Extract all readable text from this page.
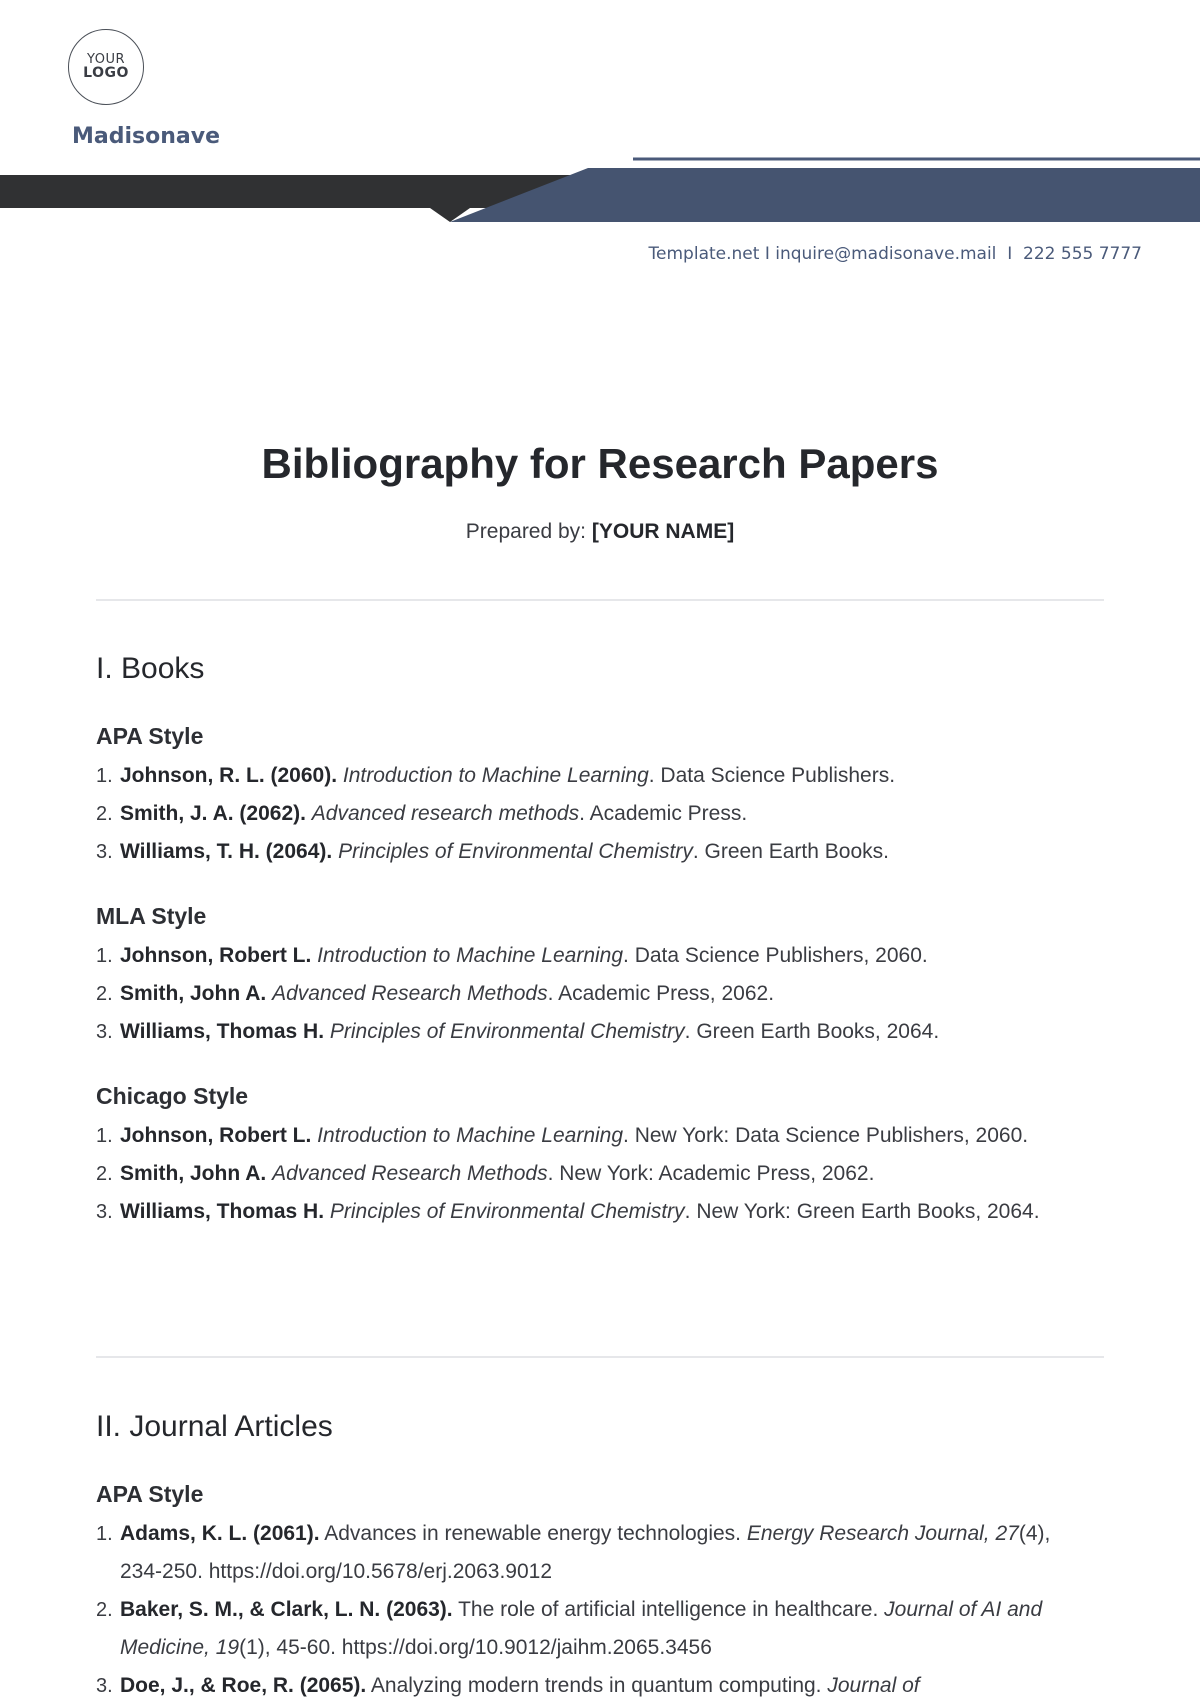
YOUR
LOGO
Madisonave
Template.net I inquire@madisonave.mail  I  222 555 7777
Bibliography for Research Papers
Prepared by: [YOUR NAME]
I. Books
APA Style
1. Johnson, R. L. (2060). Introduction to Machine Learning. Data Science Publishers.
2. Smith, J. A. (2062). Advanced research methods. Academic Press.
3. Williams, T. H. (2064). Principles of Environmental Chemistry. Green Earth Books.
MLA Style
1. Johnson, Robert L. Introduction to Machine Learning. Data Science Publishers, 2060.
2. Smith, John A. Advanced Research Methods. Academic Press, 2062.
3. Williams, Thomas H. Principles of Environmental Chemistry. Green Earth Books, 2064.
Chicago Style
1. Johnson, Robert L. Introduction to Machine Learning. New York: Data Science Publishers, 2060.
2. Smith, John A. Advanced Research Methods. New York: Academic Press, 2062.
3. Williams, Thomas H. Principles of Environmental Chemistry. New York: Green Earth Books, 2064.
II. Journal Articles
APA Style
1. Adams, K. L. (2061). Advances in renewable energy technologies. Energy Research Journal, 27(4), 234-250. https://doi.org/10.5678/erj.2063.9012
2. Baker, S. M., & Clark, L. N. (2063). The role of artificial intelligence in healthcare. Journal of AI and Medicine, 19(1), 45-60. https://doi.org/10.9012/jaihm.2065.3456
3. Doe, J., & Roe, R. (2065). Analyzing modern trends in quantum computing. Journal of
